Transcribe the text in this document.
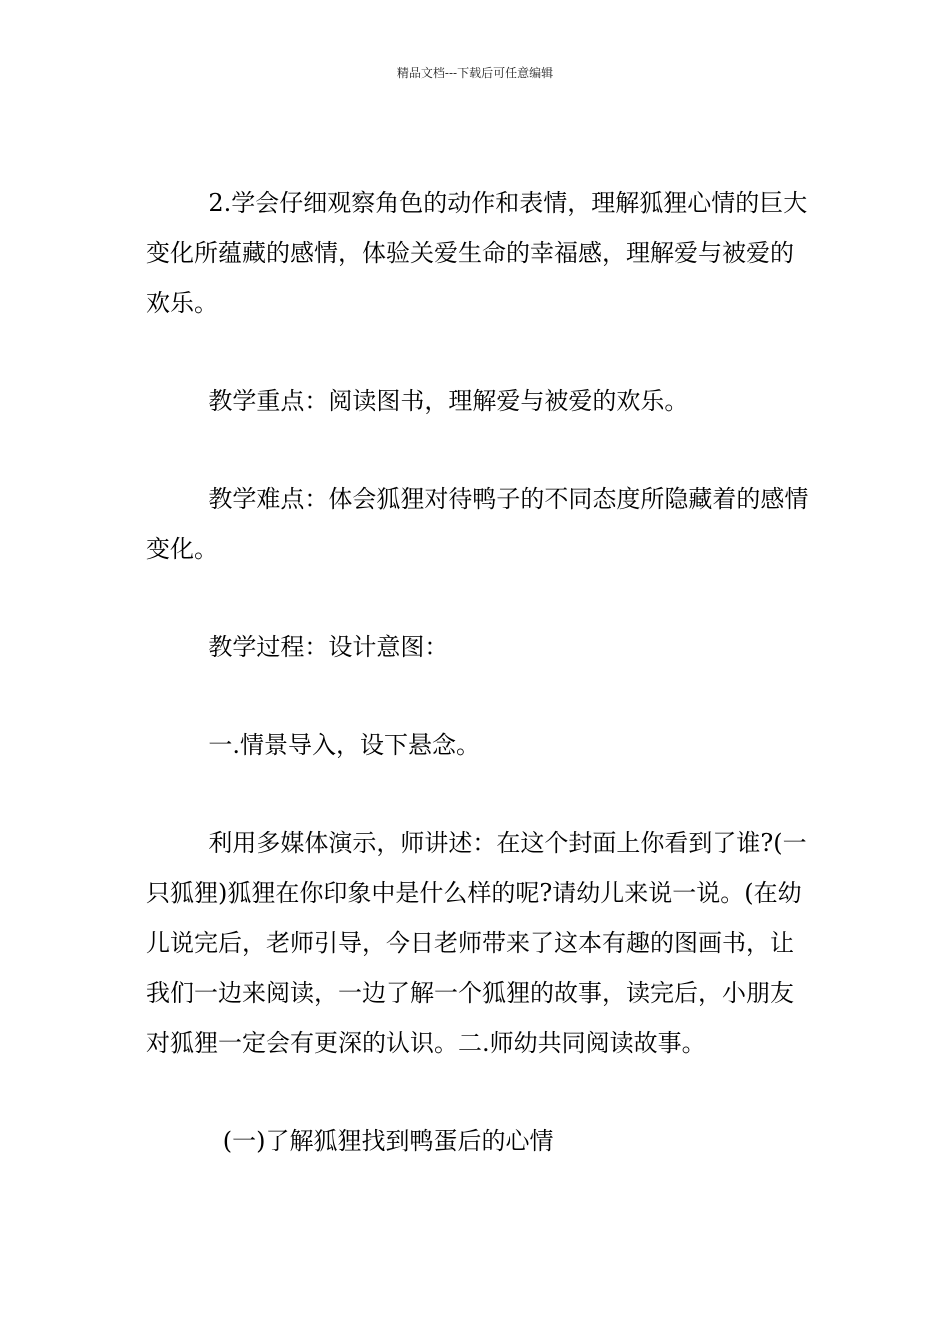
精品文档---下载后可任意编辑

2.学会仔细观察角色的动作和表情，理解狐狸心情的巨大变化所蕴藏的感情，体验关爱生命的幸福感，理解爱与被爱的欢乐。

教学重点：阅读图书，理解爱与被爱的欢乐。

教学难点：体会狐狸对待鸭子的不同态度所隐藏着的感情变化。

教学过程：设计意图：

一.情景导入，设下悬念。

利用多媒体演示，师讲述：在这个封面上你看到了谁?(一只狐狸)狐狸在你印象中是什么样的呢?请幼儿来说一说。(在幼儿说完后，老师引导，今日老师带来了这本有趣的图画书，让我们一边来阅读，一边了解一个狐狸的故事，读完后，小朋友对狐狸一定会有更深的认识。二.师幼共同阅读故事。

(一)了解狐狸找到鸭蛋后的心情
